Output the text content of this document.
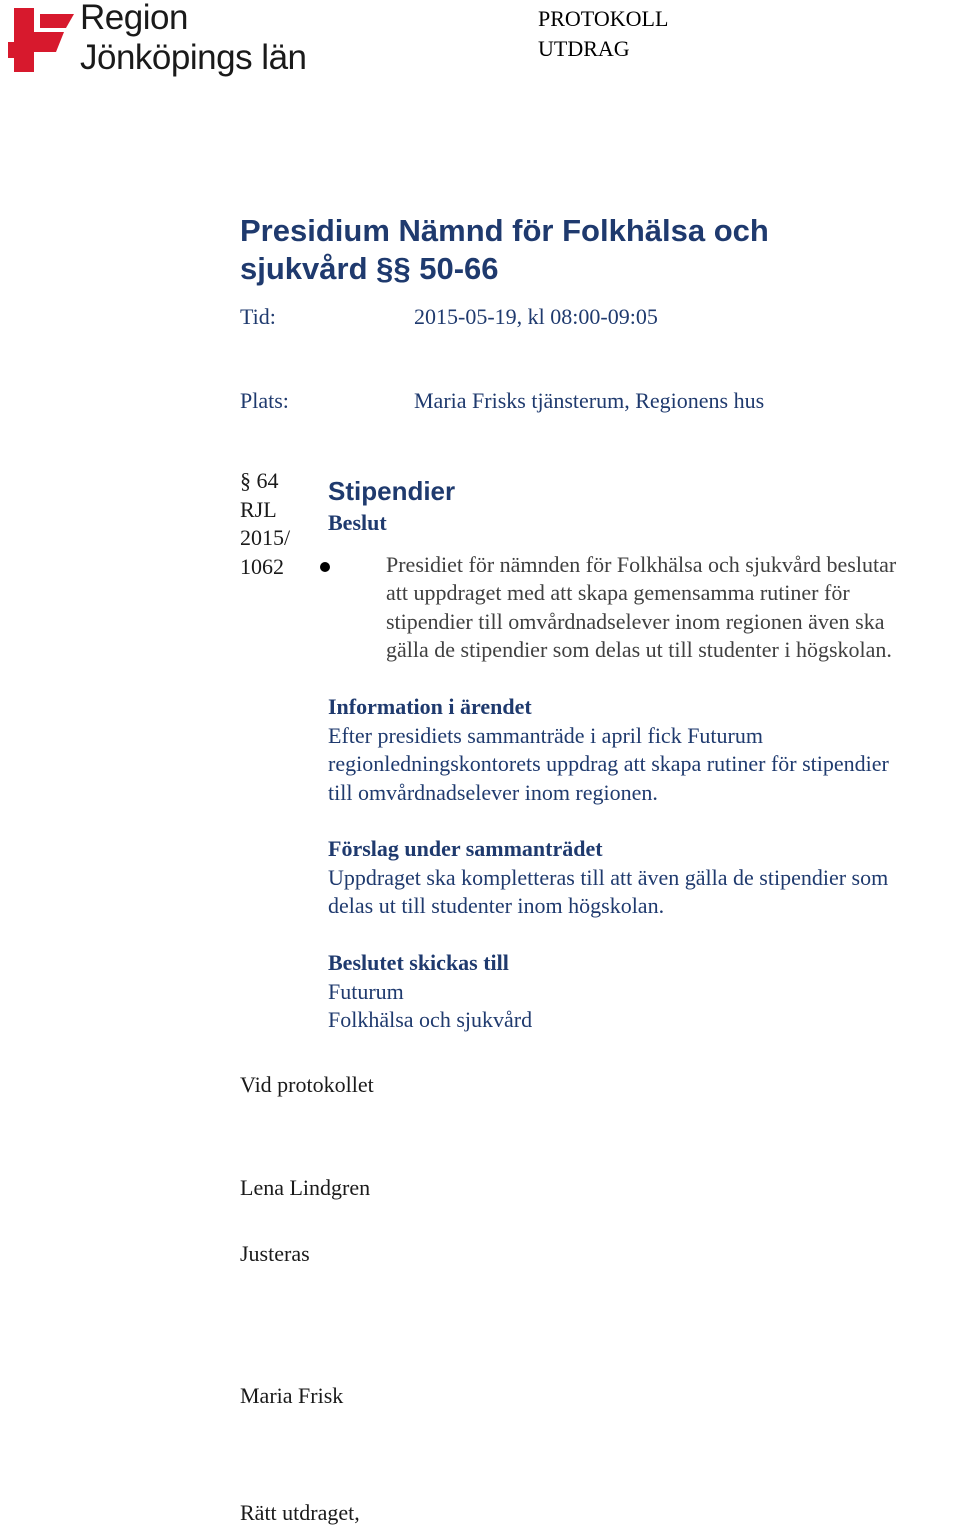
Region
Jönköpings län
PROTOKOLL
UTDRAG
Presidium Nämnd för Folkhälsa och
sjukvård §§ 50-66
Tid:	2015-05-19, kl 08:00-09:05
Plats:	Maria Frisks tjänsterum, Regionens hus
§ 64
RJL
2015/
1062
Stipendier
Beslut
Presidiet för nämnden för Folkhälsa och sjukvård beslutar
att uppdraget med att skapa gemensamma rutiner för
stipendier till omvårdnadselever inom regionen även ska
gälla de stipendier som delas ut till studenter i högskolan.
Information i ärendet
Efter presidiets sammanträde i april fick Futurum
regionledningskontorets uppdrag att skapa rutiner för stipendier
till omvårdnadselever inom regionen.
Förslag under sammanträdet
Uppdraget ska kompletteras till att även gälla de stipendier som
delas ut till studenter inom högskolan.
Beslutet skickas till
Futurum
Folkhälsa och sjukvård
Vid protokollet
Lena Lindgren
Justeras
Maria Frisk
Rätt utdraget,
